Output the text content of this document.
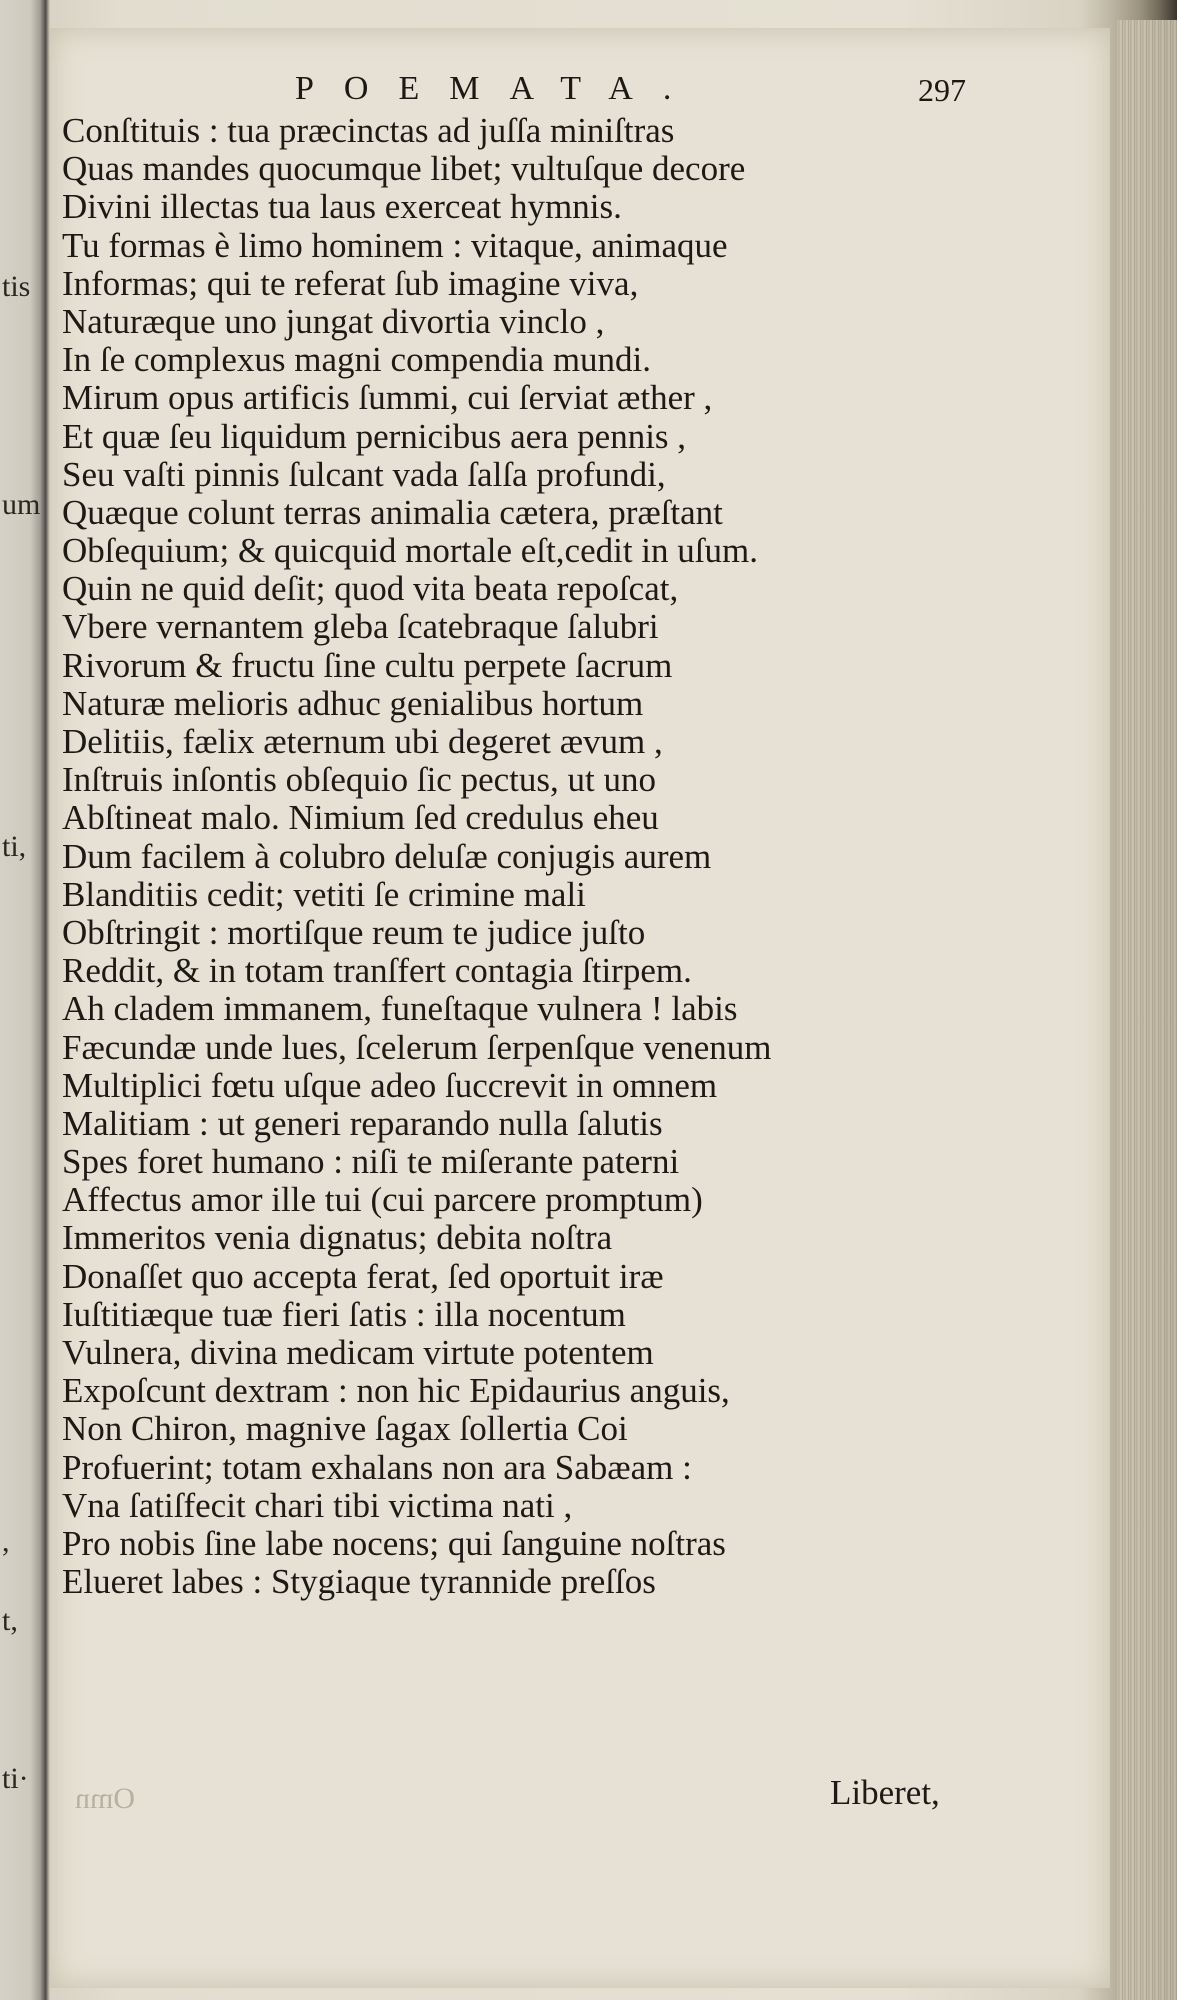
tis
um
ti,
,
t,
ti·
POEMATA.	297
Conſtituis : tua præcinctas ad juſſa miniſtras
Quas mandes quocumque libet; vultuſque decore
Divini illectas tua laus exerceat hymnis.
Tu formas è limo hominem : vitaque, animaque
Informas; qui te referat ſub imagine viva,
Naturæque uno jungat divortia vinclo ,
In ſe complexus magni compendia mundi.
Mirum opus artificis ſummi, cui ſerviat æther ,
Et quæ ſeu liquidum pernicibus aera pennis ,
Seu vaſti pinnis ſulcant vada ſalſa profundi,
Quæque colunt terras animalia cætera, præſtant
Obſequium; & quicquid mortale eſt,cedit in uſum.
Quin ne quid deſit; quod vita beata repoſcat,
Vbere vernantem gleba ſcatebraque ſalubri
Rivorum & fructu ſine cultu perpete ſacrum
Naturæ melioris adhuc genialibus hortum
Delitiis, fælix æternum ubi degeret ævum ,
Inſtruis inſontis obſequio ſic pectus, ut uno
Abſtineat malo. Nimium ſed credulus eheu
Dum facilem à colubro deluſæ conjugis aurem
Blanditiis cedit; vetiti ſe crimine mali
Obſtringit : mortiſque reum te judice juſto
Reddit, & in totam tranſfert contagia ſtirpem.
Ah cladem immanem, funeſtaque vulnera ! labis
Fæcundæ unde lues, ſcelerum ſerpenſque venenum
Multiplici fœtu uſque adeo ſuccrevit in omnem
Malitiam : ut generi reparando nulla ſalutis
Spes foret humano : niſi te miſerante paterni
Affectus amor ille tui (cui parcere promptum)
Immeritos venia dignatus; debita noſtra
Donaſſet quo accepta ferat, ſed oportuit iræ
Iuſtitiæque tuæ fieri ſatis : illa nocentum
Vulnera, divina medicam virtute potentem
Expoſcunt dextram : non hic Epidaurius anguis,
Non Chiron, magnive ſagax ſollertia Coi
Profuerint; totam exhalans non ara Sabæam :
Vna ſatiſfecit chari tibi victima nati ,
Pro nobis ſine labe nocens; qui ſanguine noſtras
Elueret labes : Stygiaque tyrannide preſſos
Omn	Liberet,
